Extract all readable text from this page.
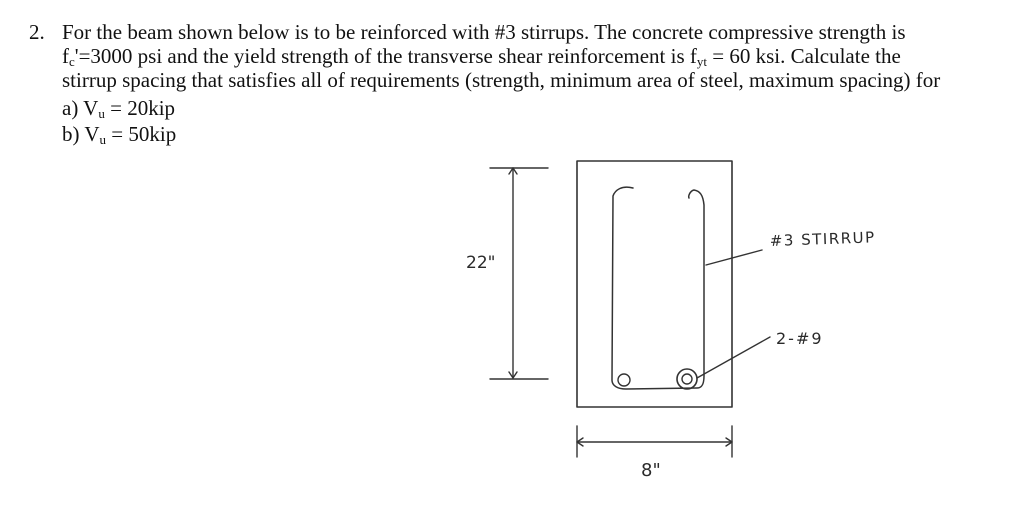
2. For the beam shown below is to be reinforced with #3 stirrups. The concrete compressive strength is
$f_c'=3000$ psi and the yield strength of the transverse shear reinforcement is $f_{yt} = 60$ ksi. Calculate the
stirrup spacing that satisfies all of requirements (strength, minimum area of steel, maximum spacing) for
a) $V_u = 20kip$
b) $V_u = 50kip$
22"
#3 STIRRUP
2-#9
8"
